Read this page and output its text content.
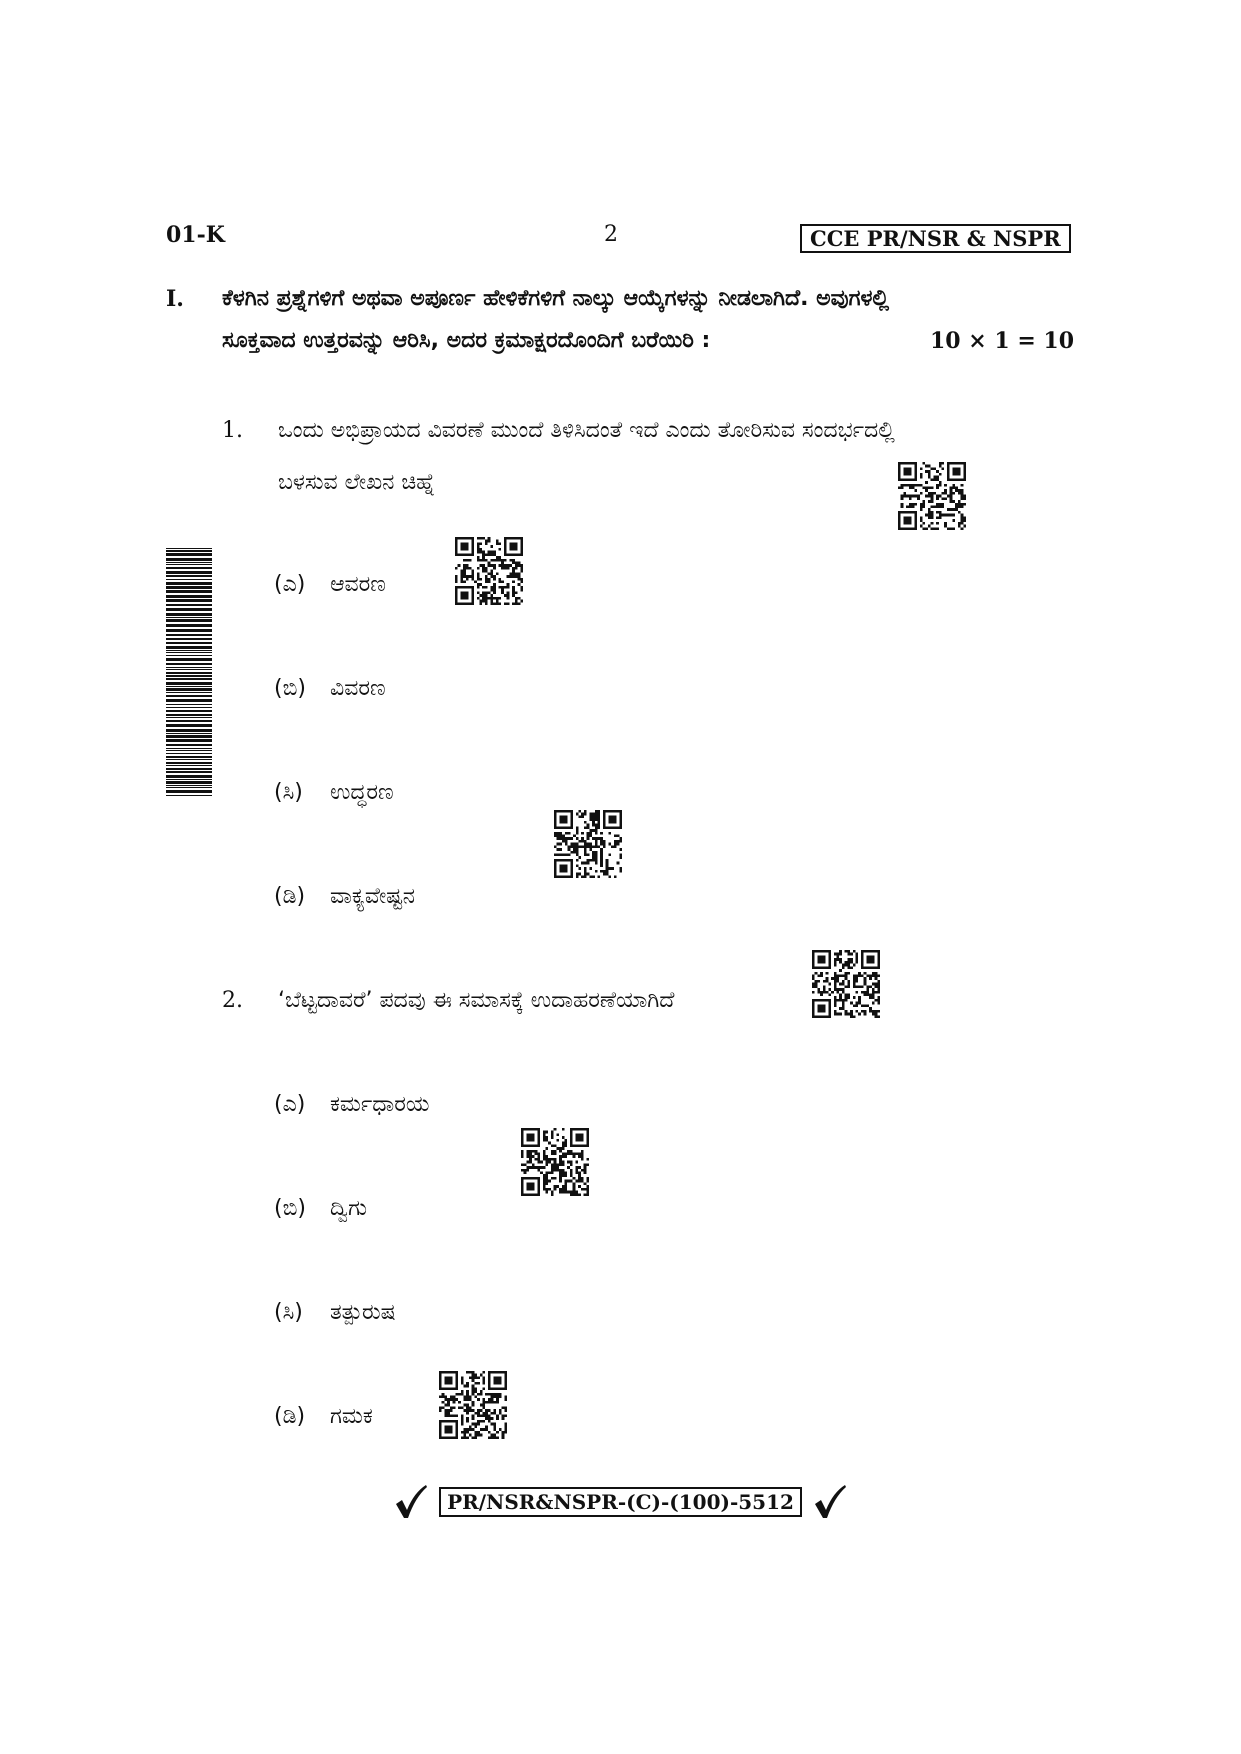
01-K	2	CCE PR/NSR & NSPR
I. ಕೆಳಗಿನ ಪ್ರಶ್ನೆಗಳಿಗೆ ಅಥವಾ ಅಪೂರ್ಣ ಹೇಳಿಕೆಗಳಿಗೆ ನಾಲ್ಕು ಆಯ್ಕೆಗಳನ್ನು ನೀಡಲಾಗಿದೆ. ಅವುಗಳಲ್ಲಿ
ಸೂಕ್ತವಾದ ಉತ್ತರವನ್ನು ಆರಿಸಿ, ಅದರ ಕ್ರಮಾಕ್ಷರದೊಂದಿಗೆ ಬರೆಯಿರಿ :	10 × 1 = 10
1. ಒಂದು ಅಭಿಪ್ರಾಯದ ವಿವರಣೆ ಮುಂದೆ ತಿಳಿಸಿದಂತೆ ಇದೆ ಎಂದು ತೋರಿಸುವ ಸಂದರ್ಭದಲ್ಲಿ
ಬಳಸುವ ಲೇಖನ ಚಿಹ್ನೆ
(ಎ) ಆವರಣ
(ಬಿ) ವಿವರಣ
(ಸಿ) ಉದ್ಧರಣ
(ಡಿ) ವಾಕ್ಯವೇಷ್ಟನ
2. ‘ಬೆಟ್ಟದಾವರೆ’ ಪದವು ಈ ಸಮಾಸಕ್ಕೆ ಉದಾಹರಣೆಯಾಗಿದೆ
(ಎ) ಕರ್ಮಧಾರಯ
(ಬಿ) ದ್ವಿಗು
(ಸಿ) ತತ್ಪುರುಷ
(ಡಿ) ಗಮಕ
PR/NSR&NSPR-(C)-(100)-5512
